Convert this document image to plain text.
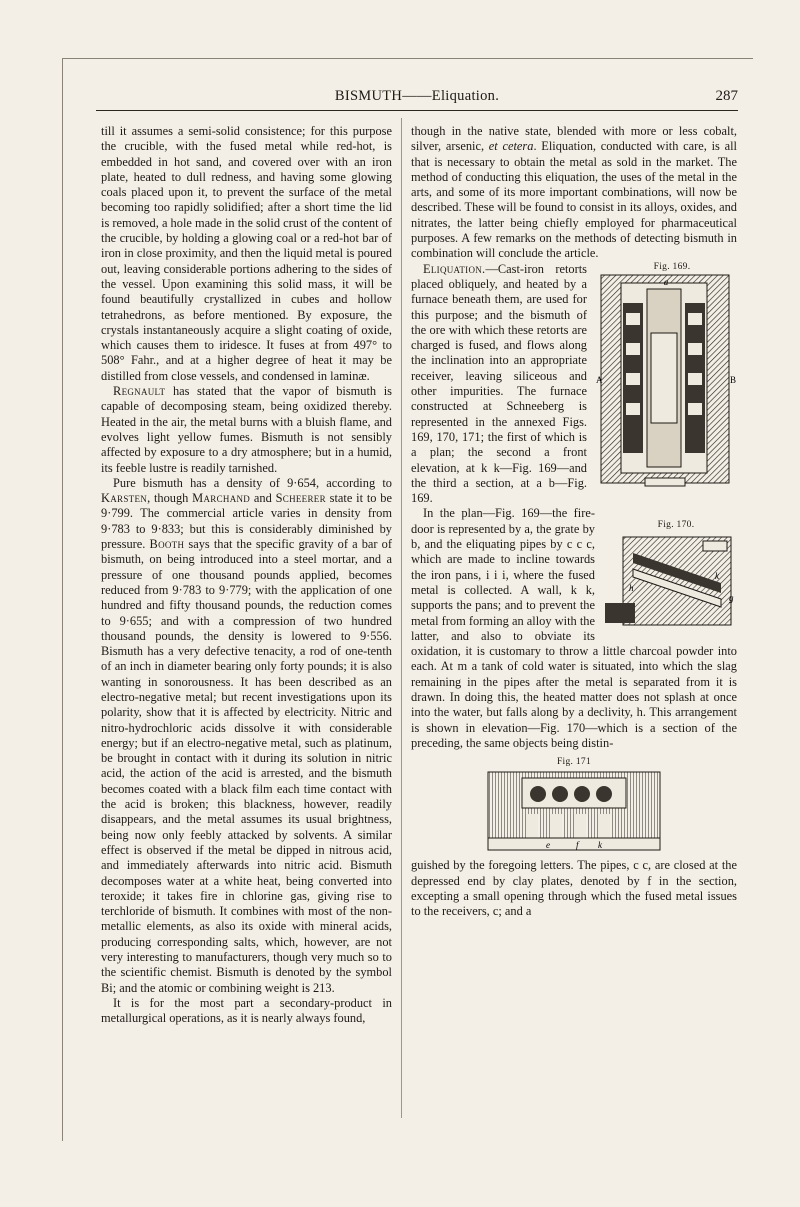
BISMUTH——Eliquation.	287

till it assumes a semi-solid consistence; for this purpose the crucible, with the fused metal while red-hot, is embedded in hot sand, and covered over with an iron plate, heated to dull redness, and having some glowing coals placed upon it, to prevent the surface of the metal becoming too rapidly solidified; after a short time the lid is removed, a hole made in the solid crust of the content of the crucible, by holding a glowing coal or a red-hot bar of iron in close proximity, and then the liquid metal is poured out, leaving considerable portions adhering to the sides of the vessel. Upon examining this solid mass, it will be found beautifully crystallized in cubes and hollow tetrahedrons, as before mentioned. By exposure, the crystals instantaneously acquire a slight coating of oxide, which causes them to iridesce. It fuses at from 497° to 508° Fahr., and at a higher degree of heat it may be distilled from close vessels, and condensed in laminæ.

Regnault has stated that the vapor of bismuth is capable of decomposing steam, being oxidized thereby. Heated in the air, the metal burns with a bluish flame, and evolves light yellow fumes. Bismuth is not sensibly affected by exposure to a dry atmosphere; but in a humid, its feeble lustre is readily tarnished.

Pure bismuth has a density of 9·654, according to Karsten, though Marchand and Scheerer state it to be 9·799. The commercial article varies in density from 9·783 to 9·833; but this is considerably diminished by pressure. Booth says that the specific gravity of a bar of bismuth, on being introduced into a steel mortar, and a pressure of one thousand pounds applied, becomes reduced from 9·783 to 9·779; with the application of one hundred and fifty thousand pounds, the reduction comes to 9·655; and with a compression of two hundred thousand pounds, the density is lowered to 9·556. Bismuth has a very defective tenacity, a rod of one-tenth of an inch in diameter bearing only forty pounds; it is also wanting in sonorousness. It has been described as an electro-negative metal; but recent investigations upon its polarity, show that it is affected by electricity. Nitric and nitro-hydrochloric acids dissolve it with considerable energy; but if an electro-negative metal, such as platinum, be brought in contact with it during its solution in nitric acid, the action of the acid is arrested, and the bismuth becomes coated with a black film each time contact with the acid is broken; this blackness, however, readily disappears, and the metal assumes its usual brightness, being now only feebly attacked by solvents. A similar effect is observed if the metal be dipped in nitrous acid, and immediately afterwards into nitric acid. Bismuth decomposes water at a white heat, being converted into teroxide; it takes fire in chlorine gas, giving rise to terchloride of bismuth. It combines with most of the non-metallic elements, as also its oxide with mineral acids, producing corresponding salts, which, however, are not very interesting to manufacturers, though very much so to the scientific chemist. Bismuth is denoted by the symbol Bi; and the atomic or combining weight is 213.

It is for the most part a secondary-product in metallurgical operations, as it is nearly always found,

though in the native state, blended with more or less cobalt, silver, arsenic, et cetera. Eliquation, conducted with care, is all that is necessary to obtain the metal as sold in the market. The method of conducting this eliquation, the uses of the metal in the arts, and some of its more important combinations, will now be described. These will be found to consist in its alloys, oxides, and nitrates, the latter being chiefly employed for pharmaceutical purposes. A few remarks on the methods of detecting bismuth in combination will conclude the article.

Fig. 169.
a
A	B
Eliquation.—Cast-iron retorts placed obliquely, and heated by a furnace beneath them, are used for this purpose; and the bismuth of the ore with which these retorts are charged is fused, and flows along the inclination into an appropriate receiver, leaving siliceous and other impurities. The furnace constructed at Schneeberg is represented in the annexed Figs. 169, 170, 171; the first of which is a plan; the second a front elevation, at k k—Fig. 169—and the third a section, at a b—Fig. 169.

Fig. 170.
h
g
k
In the plan—Fig. 169—the fire-door is represented by a, the grate by b, and the eliquating pipes by c c c, which are made to incline towards the iron pans, i i i, where the fused metal is collected. A wall, k k, supports the pans; and to prevent the metal from forming an alloy with the latter, and also to obviate its oxidation, it is customary to throw a little charcoal powder into each. At m a tank of cold water is situated, into which the slag remaining in the pipes after the metal is separated from it is drawn. In doing this, the heated matter does not splash at once into the water, but falls along by a declivity, h. This arrangement is shown in elevation—Fig. 170—which is a section of the preceding, the same objects being distin-

Fig. 171
e	f k

guished by the foregoing letters. The pipes, c c, are closed at the depressed end by clay plates, denoted by f in the section, excepting a small opening through which the fused metal issues to the receivers, c; and a
